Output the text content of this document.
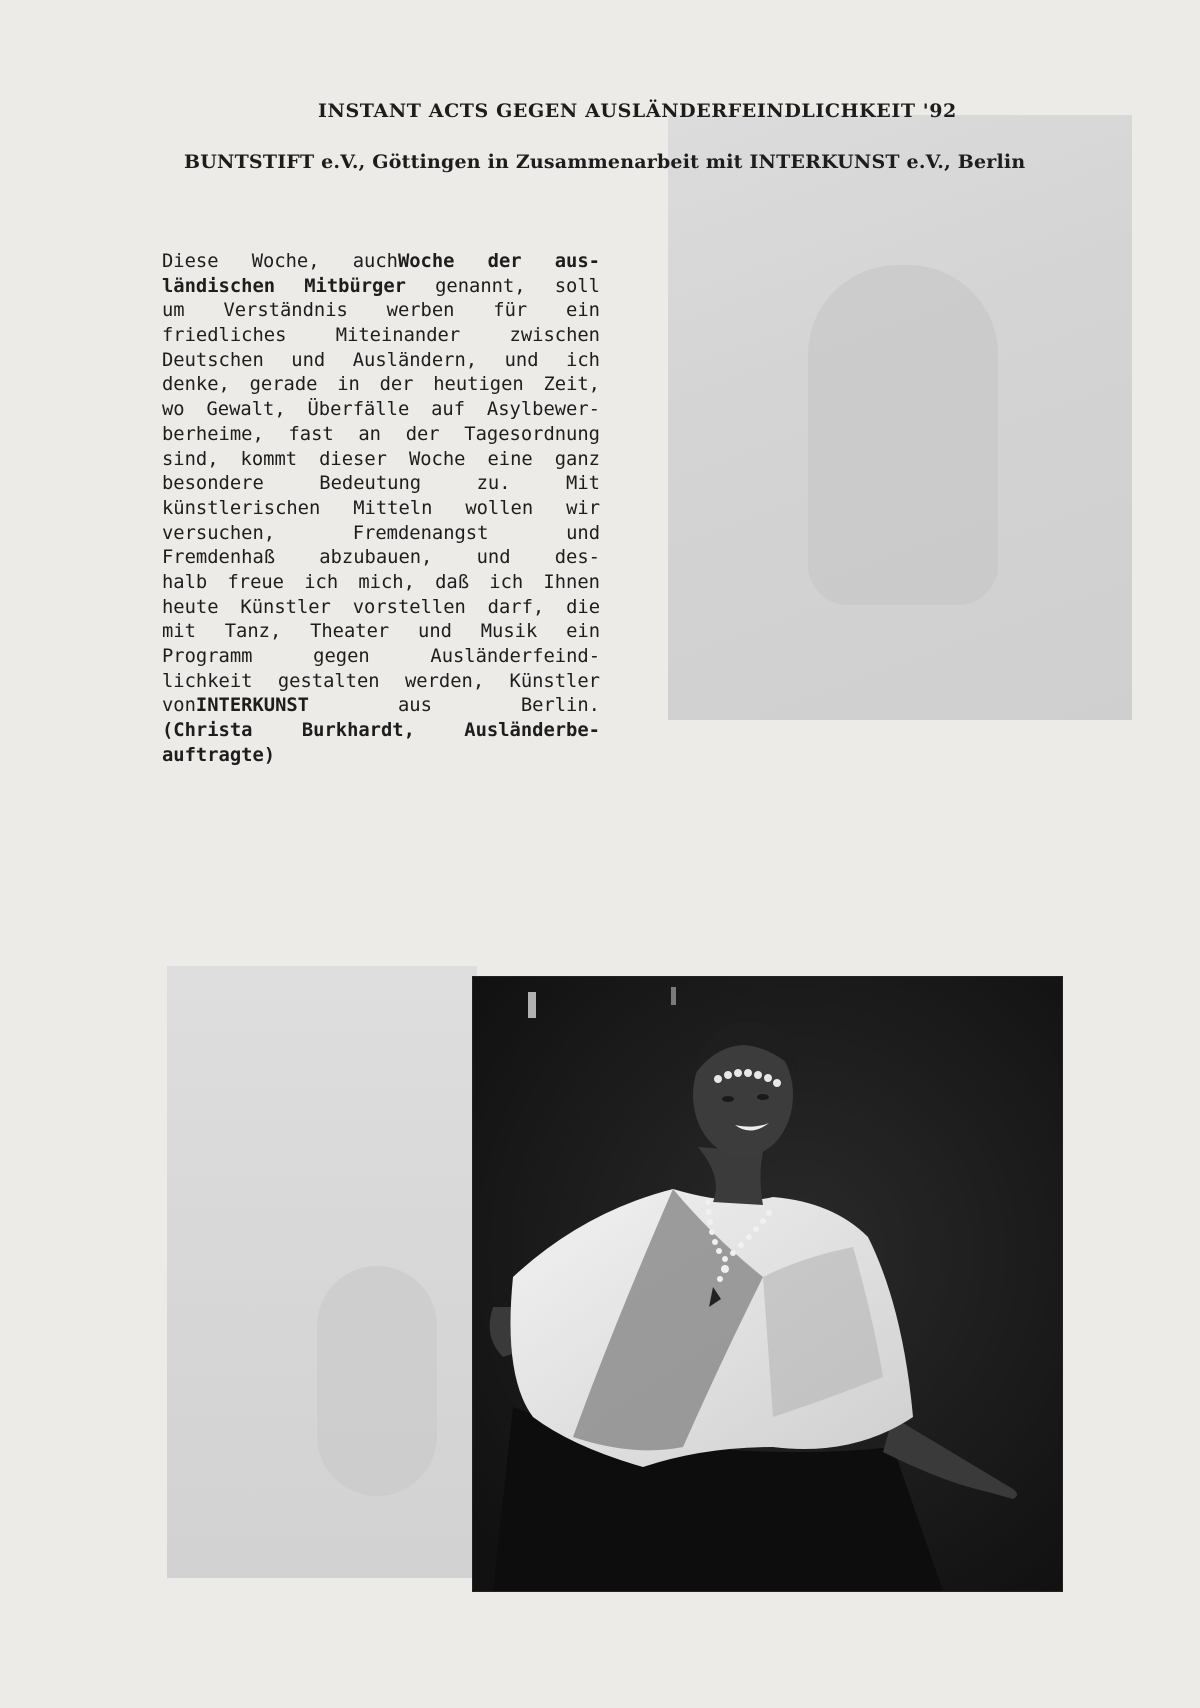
INSTANT ACTS GEGEN AUSLÄNDERFEINDLICHKEIT '92
BUNTSTIFT e.V., Göttingen in Zusammenarbeit mit INTERKUNST e.V., Berlin
Diese Woche, auchWoche der aus-
ländischen Mitbürger genannt, soll
um Verständnis werben für ein
friedliches	Miteinander	zwischen
Deutschen und Ausländern, und ich
denke, gerade in der heutigen Zeit,
wo Gewalt, Überfälle auf Asylbewer-
berheime, fast an der Tagesordnung
sind, kommt dieser Woche eine ganz
besondere	Bedeutung	zu.	Mit
künstlerischen Mitteln wollen wir
versuchen,	Fremdenangst	und
Fremdenhaß abzubauen, und des-
halb freue ich mich, daß ich Ihnen
heute Künstler vorstellen darf, die
mit Tanz, Theater und Musik ein
Programm	gegen	Ausländerfeind-
lichkeit gestalten werden, Künstler
vonINTERKUNST	aus	Berlin.
(Christa	Burkhardt,	Ausländerbe-
auftragte)
